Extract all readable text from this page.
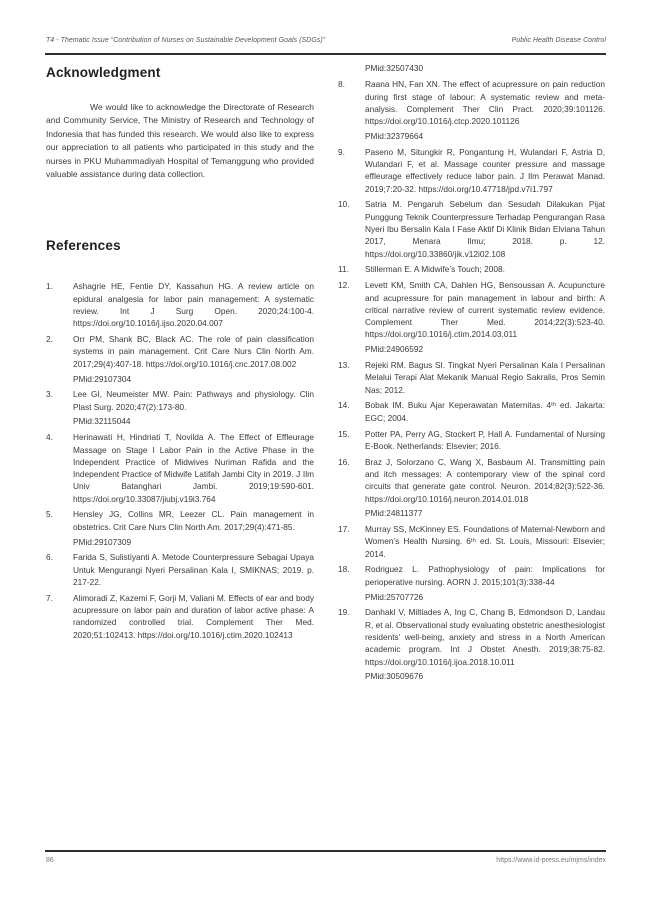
T4 - Thematic Issue “Contribution of Nurses on Sustainable Development Goals (SDGs)”	Public Health Disease Control
Acknowledgment

We would like to acknowledge the Directorate of Research and Community Service, The Ministry of Research and Technology of Indonesia that has funded this research. We would also like to express our appreciation to all patients who participated in this study and the nurses in PKU Muhammadiyah Hospital of Temanggung who provided valuable assistance during data collection.

References
1. Ashagrie HE, Fentie DY, Kassahun HG. A review article on epidural analgesia for labor pain management: A systematic review. Int J Surg Open. 2020;24:100-4. https://doi.org/10.1016/j.ijso.2020.04.007
2. Orr PM, Shank BC, Black AC. The role of pain classification systems in pain management. Crit Care Nurs Clin North Am. 2017;29(4):407-18. https://doi.org/10.1016/j.cnc.2017.08.002
PMid:29107304
3. Lee GI, Neumeister MW. Pain: Pathways and physiology. Clin Plast Surg. 2020;47(2):173-80.
PMid:32115044
4. Herinawati H, Hindriati T, Novilda A. The Effect of Effleurage Massage on Stage I Labor Pain in the Active Phase in the Independent Practice of Midwives Nuriman Rafida and the Independent Practice of Midwife Latifah Jambi City in 2019. J Ilm Univ Batanghari Jambi. 2019;19:590-601. https://doi.org/10.33087/jiubj.v19i3.764
5. Hensley JG, Collins MR, Leezer CL. Pain management in obstetrics. Crit Care Nurs Clin North Am. 2017;29(4):471-85.
PMid:29107309
6. Farida S, Sulistiyanti A. Metode Counterpressure Sebagai Upaya Untuk Mengurangi Nyeri Persalinan Kala I, SMIKNAS; 2019. p. 217-22.
7. Alimoradi Z, Kazemi F, Gorji M, Valiani M. Effects of ear and body acupressure on labor pain and duration of labor active phase: A randomized controlled trial. Complement Ther Med. 2020;51:102413. https://doi.org/10.1016/j.ctim.2020.102413
PMid:32507430
8. Raana HN, Fan XN. The effect of acupressure on pain reduction during first stage of labour: A systematic review and meta-analysis. Complement Ther Clin Pract. 2020;39:101126. https://doi.org/10.1016/j.ctcp.2020.101126
PMid:32379664
9. Paseno M, Situngkir R, Pongantung H, Wulandari F, Astria D, Wulandari F, et al. Massage counter pressure and massage effleurage effectively reduce labor pain. J Ilm Perawat Manad. 2019;7:20-32. https://doi.org/10.47718/jpd.v7i1.797
10. Satria M. Pengaruh Sebelum dan Sesudah Dilakukan Pijat Punggung Teknik Counterpressure Terhadap Pengurangan Rasa Nyeri Ibu Bersalin Kala I Fase Aktif Di Klinik Bidan Elviana Tahun 2017, Menara Ilmu; 2018. p. 12. https://doi.org/10.33860/jik.v12i02.108
11. Stillerman E. A Midwife’s Touch; 2008.
12. Levett KM, Smith CA, Dahlen HG, Bensoussan A. Acupuncture and acupressure for pain management in labour and birth: A critical narrative review of current systematic review evidence. Complement Ther Med. 2014;22(3):523-40. https://doi.org/10.1016/j.ctim.2014.03.011
PMid:24906592
13. Rejeki RM. Bagus SI. Tingkat Nyeri Persalinan Kala I Persalinan Melalui Terapi Alat Mekanik Manual Regio Sakralis, Pros Semin Nas; 2012.
14. Bobak IM. Buku Ajar Keperawatan Maternitas. 4ᵗʰ ed. Jakarta: EGC; 2004.
15. Potter PA, Perry AG, Stockert P, Hall A. Fundamental of Nursing E-Book. Netherlands: Elsevier; 2016.
16. Braz J, Solorzano C, Wang X, Basbaum AI. Transmitting pain and itch messages: A contemporary view of the spinal cord circuits that generate gate control. Neuron. 2014;82(3):522-36. https://doi.org/10.1016/j.neuron.2014.01.018
PMid:24811377
17. Murray SS, McKinney ES. Foundations of Maternal-Newborn and Women’s Health Nursing. 6ᵗʰ ed. St. Louis, Missouri: Elsevier; 2014.
18. Rodriguez L. Pathophysiology of pain: Implications for perioperative nursing. AORN J. 2015;101(3):338-44
PMid:25707726
19. Danhakl V, Miltiades A, Ing C, Chang B, Edmondson D, Landau R, et al. Observational study evaluating obstetric anesthesiologist residents’ well-being, anxiety and stress in a North American academic program. Int J Obstet Anesth. 2019;38:75-82. https://doi.org/10.1016/j.ijoa.2018.10.011
PMid:30509676
86	https://www.id-press.eu/mjms/index
